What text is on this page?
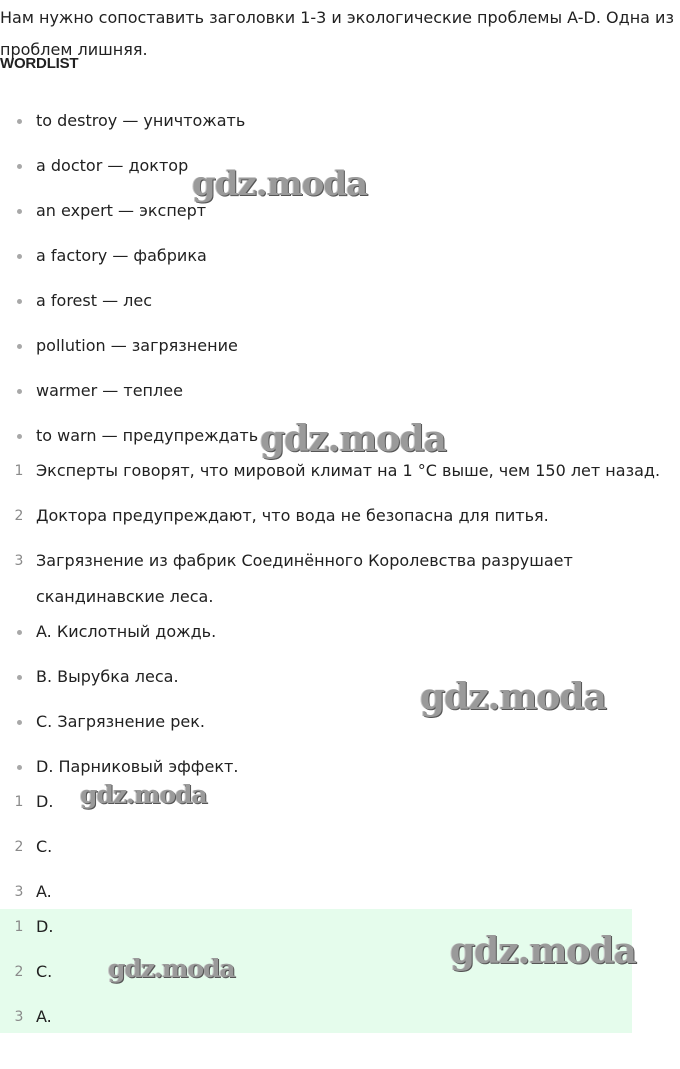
Нам нужно сопоставить заголовки 1-3 и экологические проблемы A-D. Одна из проблем лишняя.
WORDLIST
to destroy — уничтожать
a doctor — доктор
an expert — эксперт
a factory — фабрика
a forest — лес
pollution — загрязнение
warmer — теплее
to warn — предупреждать
1 Эксперты говорят, что мировой климат на 1 °C выше, чем 150 лет назад.
2 Доктора предупреждают, что вода не безопасна для питья.
3 Загрязнение из фабрик Соединённого Королевства разрушает
скандинавские леса.
A. Кислотный дождь.
B. Вырубка леса.
C. Загрязнение рек.
D. Парниковый эффект.
1 D.
2 C.
3 A.
1 D.
2 C.
3 A.
gdz.moda
gdz.moda
gdz.moda
gdz.moda
gdz.moda	gdz.moda
